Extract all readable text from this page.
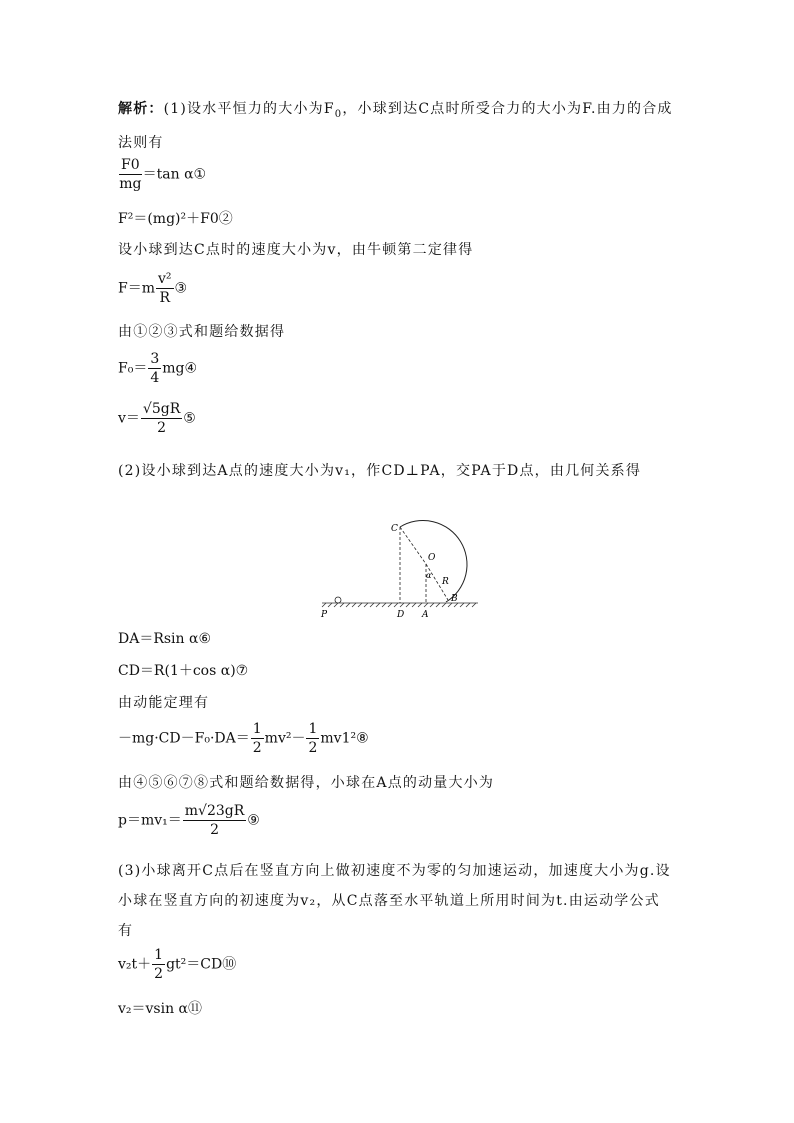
解析：(1)设水平恒力的大小为$F_0$，小球到达C点时所受合力的大小为F.由力的合成法则有
$\frac{F0}{mg} =\tan$ α①
F²＝(mg)²＋F0②
设小球到达C点时的速度大小为v，由牛顿第二定律得
$F=m \frac{\text{v²}}{R}$ ③
由①②③式和题给数据得
$F_0= \frac{3}{4}$ mg④
$v= \frac{√5gR}{2}$ ⑤
(2)设小球到达A点的速度大小为v₁，作CD⊥PA，交PA于D点，由几何关系得
C
O
α
R
B
P	D A
DA＝Rsin α⑥
CD＝R(1＋cos α)⑦
由动能定理有
$-mg\cdot CD-F_0\cdot DA= \frac{1}{2} mv^2- \frac{1}{2}$ mv1²⑧
由④⑤⑥⑦⑧式和题给数据得，小球在A点的动量大小为
$p=mv_1= \frac{m√23gR}{2}$ ⑨
(3)小球离开C点后在竖直方向上做初速度不为零的匀加速运动，加速度大小为g.设小球在竖直方向的初速度为v₂，从C点落至水平轨道上所用时间为t.由运动学公式有
$v_2t+ \frac{1}{2}$ gt²＝CD⑩
v₂＝vsin α⑪
